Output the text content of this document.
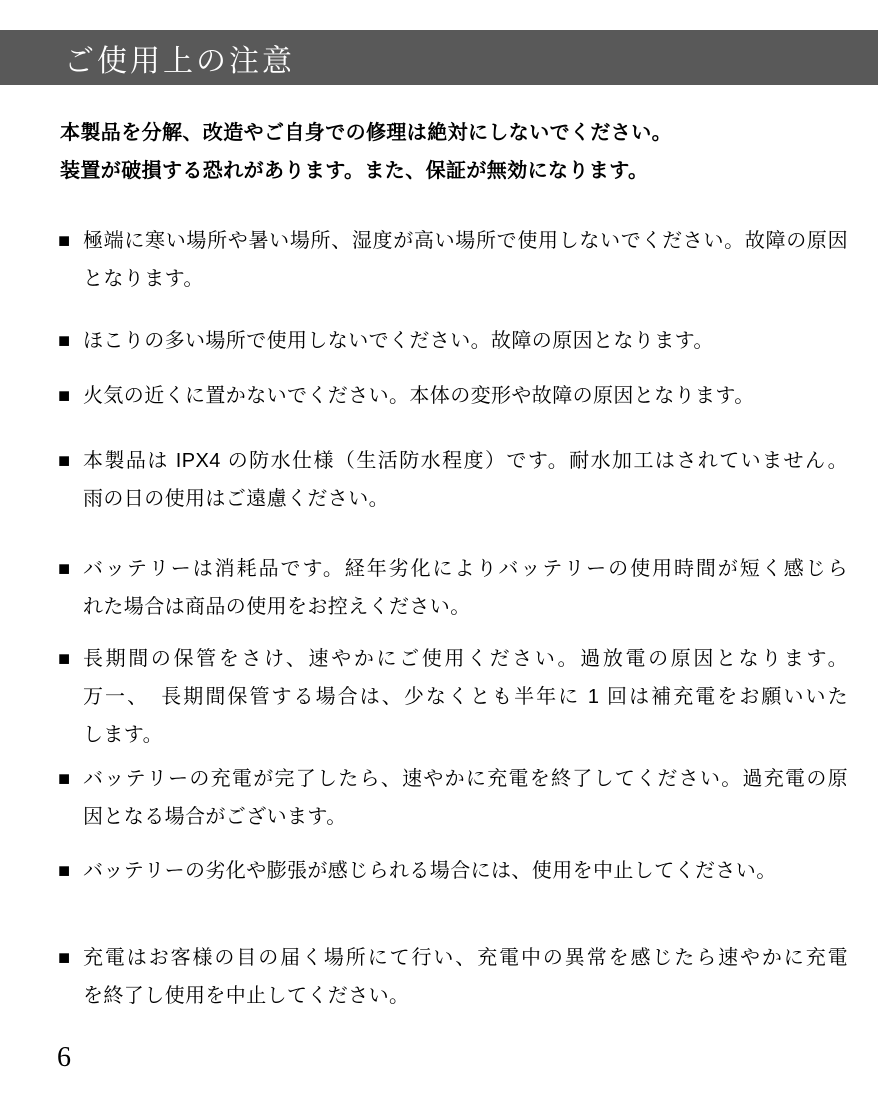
ご使用上の注意
本製品を分解、改造やご自身での修理は絶対にしないでください。
装置が破損する恐れがあります。また、保証が無効になります。
■ 極端に寒い場所や暑い場所、湿度が高い場所で使用しないでください。故障の原因
となります。
■ ほこりの多い場所で使用しないでください。故障の原因となります。
■ 火気の近くに置かないでください。本体の変形や故障の原因となります。
■ 本製品は IPX4 の防水仕様（生活防水程度）です。耐水加工はされていません。
雨の日の使用はご遠慮ください。
■ バッテリーは消耗品です。経年劣化によりバッテリーの使用時間が短く感じら
れた場合は商品の使用をお控えください。
■ 長期間の保管をさけ、速やかにご使用ください。過放電の原因となります。
万一、　長期間保管する場合は、少なくとも半年に 1 回は補充電をお願いいた
します。
■ バッテリーの充電が完了したら、速やかに充電を終了してください。過充電の原
因となる場合がございます。
■ バッテリーの劣化や膨張が感じられる場合には、使用を中止してください。
■ 充電はお客様の目の届く場所にて行い、充電中の異常を感じたら速やかに充電
を終了し使用を中止してください。
6
